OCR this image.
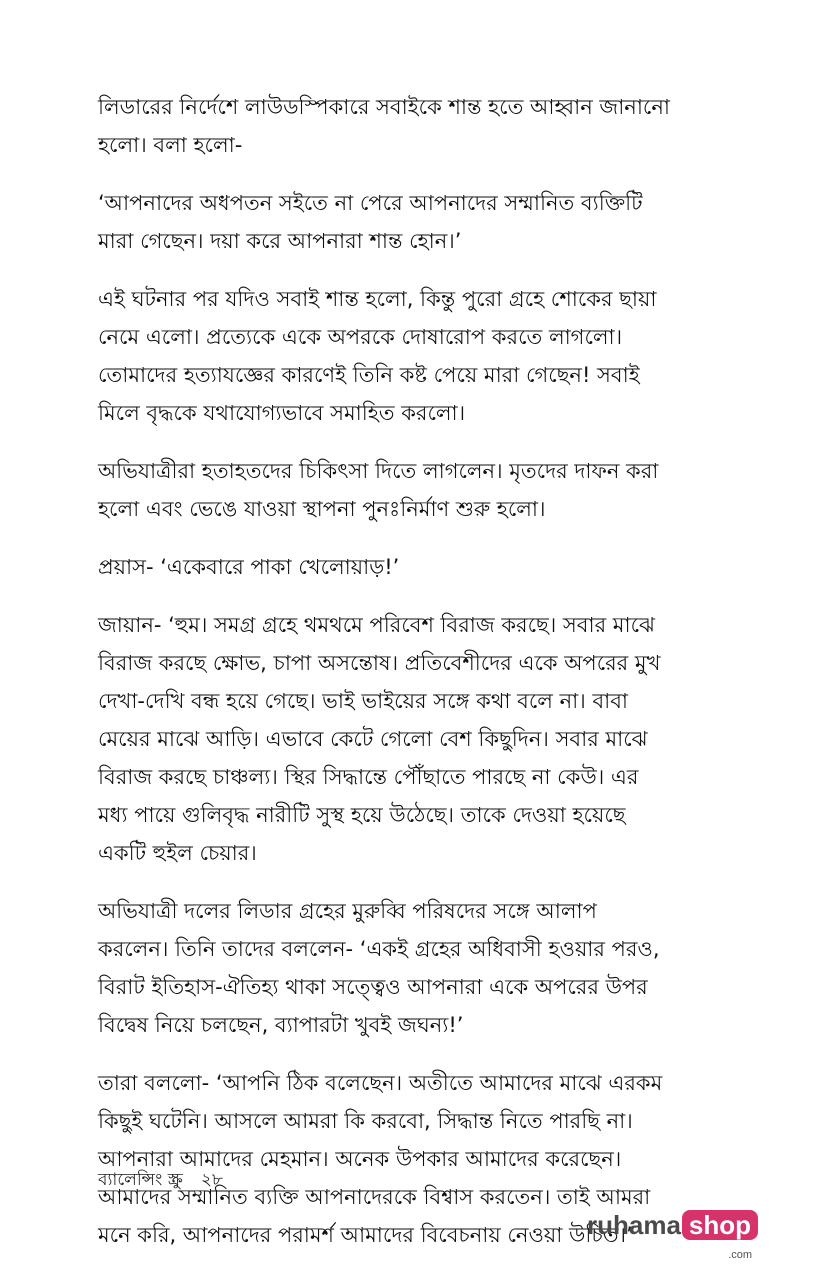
লিডারের নির্দেশে লাউডস্পিকারে সবাইকে শান্ত হতে আহ্বান জানানো
হলো। বলা হলো-

‘আপনাদের অধপতন সইতে না পেরে আপনাদের সম্মানিত ব্যক্তিটি
মারা গেছেন। দয়া করে আপনারা শান্ত হোন।’

এই ঘটনার পর যদিও সবাই শান্ত হলো, কিন্তু পুরো গ্রহে শোকের ছায়া
নেমে এলো। প্রত্যেকে একে অপরকে দোষারোপ করতে লাগলো।
তোমাদের হত্যাযজ্ঞের কারণেই তিনি কষ্ট পেয়ে মারা গেছেন! সবাই
মিলে বৃদ্ধকে যথাযোগ্যভাবে সমাহিত করলো।

অভিযাত্রীরা হতাহতদের চিকিৎসা দিতে লাগলেন। মৃতদের দাফন করা
হলো এবং ভেঙে যাওয়া স্থাপনা পুনঃনির্মাণ শুরু হলো।

প্রয়াস- ‘একেবারে পাকা খেলোয়াড়!’

জায়ান- ‘হুম। সমগ্র গ্রহে থমথমে পরিবেশ বিরাজ করছে। সবার মাঝে
বিরাজ করছে ক্ষোভ, চাপা অসন্তোষ। প্রতিবেশীদের একে অপরের মুখ
দেখা-দেখি বন্ধ হয়ে গেছে। ভাই ভাইয়ের সঙ্গে কথা বলে না। বাবা
মেয়ের মাঝে আড়ি। এভাবে কেটে গেলো বেশ কিছুদিন। সবার মাঝে
বিরাজ করছে চাঞ্চল্য। স্থির সিদ্ধান্তে পৌঁছাতে পারছে না কেউ। এর
মধ্য পায়ে গুলিবৃদ্ধ নারীটি সুস্থ হয়ে উঠেছে। তাকে দেওয়া হয়েছে
একটি হুইল চেয়ার।

অভিযাত্রী দলের লিডার গ্রহের মুরুব্বি পরিষদের সঙ্গে আলাপ
করলেন। তিনি তাদের বললেন- ‘একই গ্রহের অধিবাসী হওয়ার পরও,
বিরাট ইতিহাস-ঐতিহ্য থাকা সত্ত্বেও আপনারা একে অপরের উপর
বিদ্বেষ নিয়ে চলছেন, ব্যাপারটা খুবই জঘন্য!’

তারা বললো- ‘আপনি ঠিক বলেছেন। অতীতে আমাদের মাঝে এরকম
কিছুই ঘটেনি। আসলে আমরা কি করবো, সিদ্ধান্ত নিতে পারছি না।
আপনারা আমাদের মেহমান। অনেক উপকার আমাদের করেছেন।
আমাদের সম্মানিত ব্যক্তি আপনাদেরকে বিশ্বাস করতেন। তাই আমরা
মনে করি, আপনাদের পরামর্শ আমাদের বিবেচনায় নেওয়া উচিত।’

ব্যালেন্সিং স্ক্রু ২৮
ruhama shop
.com
